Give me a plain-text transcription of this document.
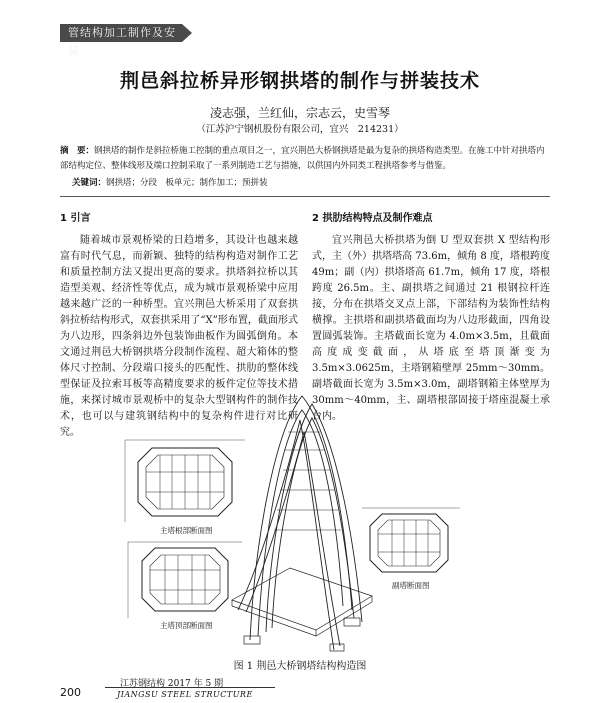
管结构加工制作及安装
荆邑斜拉桥异形钢拱塔的制作与拼装技术
凌志强，兰红仙，宗志云，史雪琴
（江苏沪宁钢机股份有限公司，宜兴　214231）
摘　要：钢拱塔的制作是斜拉桥施工控制的重点项目之一，宜兴荆邑大桥钢拱塔是最为复杂的拱塔构造类型。在施工中针对拱塔内部结构定位、整体线形及端口控制采取了一系列制造工艺与措施，以供国内外同类工程拱塔参考与借鉴。
关键词：钢拱塔；分段　板单元；制作加工；预拼装
1 引言
随着城市景观桥梁的日趋增多，其设计也越来越富有时代气息，而新颖、独特的结构构造对制作工艺和质量控制方法又提出更高的要求。拱塔斜拉桥以其造型美观、经济性等优点，成为城市景观桥梁中应用越来越广泛的一种桥型。宜兴荆邑大桥采用了双套拱斜拉桥结构形式，双套拱采用了“X”形布置，截面形式为八边形，四条斜边外包装饰曲板作为圆弧倒角。本文通过荆邑大桥钢拱塔分段制作流程、超大箱体的整体尺寸控制、分段端口接头的匹配性、拱肋的整体线型保证及拉索耳板等高精度要求的板件定位等技术措施，来探讨城市景观桥中的复杂大型钢构件的制作技术，也可以与建筑钢结构中的复杂构件进行对比研究。
2 拱肋结构特点及制作难点
宜兴荆邑大桥拱塔为倒 U 型双套拱 X 型结构形式，主（外）拱塔塔高 73.6m，倾角 8 度，塔根跨度 49m；副（内）拱塔塔高 61.7m，倾角 17 度，塔根跨度 26.5m。主、副拱塔之间通过 21 根钢拉杆连接，分布在拱塔交叉点上部，下部结构为装饰性结构横撑。主拱塔和副拱塔截面均为八边形截面，四角设置圆弧装饰。主塔截面长宽为 4.0m×3.5m，且截面高度成变截面，从塔底至塔顶渐变为 3.5m×3.0625m，主塔钢箱壁厚 25mm～30mm。副塔截面长宽为 3.5m×3.0m，副塔钢箱主体壁厚为 30mm～40mm，主、副塔根部固接于塔座混凝土承台内。
主塔根部断面图
主塔顶部断面图
副塔断面图
图 1 荆邑大桥钢塔结构构造图
200
江苏钢结构 2017 年 5 期
JIANGSU STEEL STRUCTURE
